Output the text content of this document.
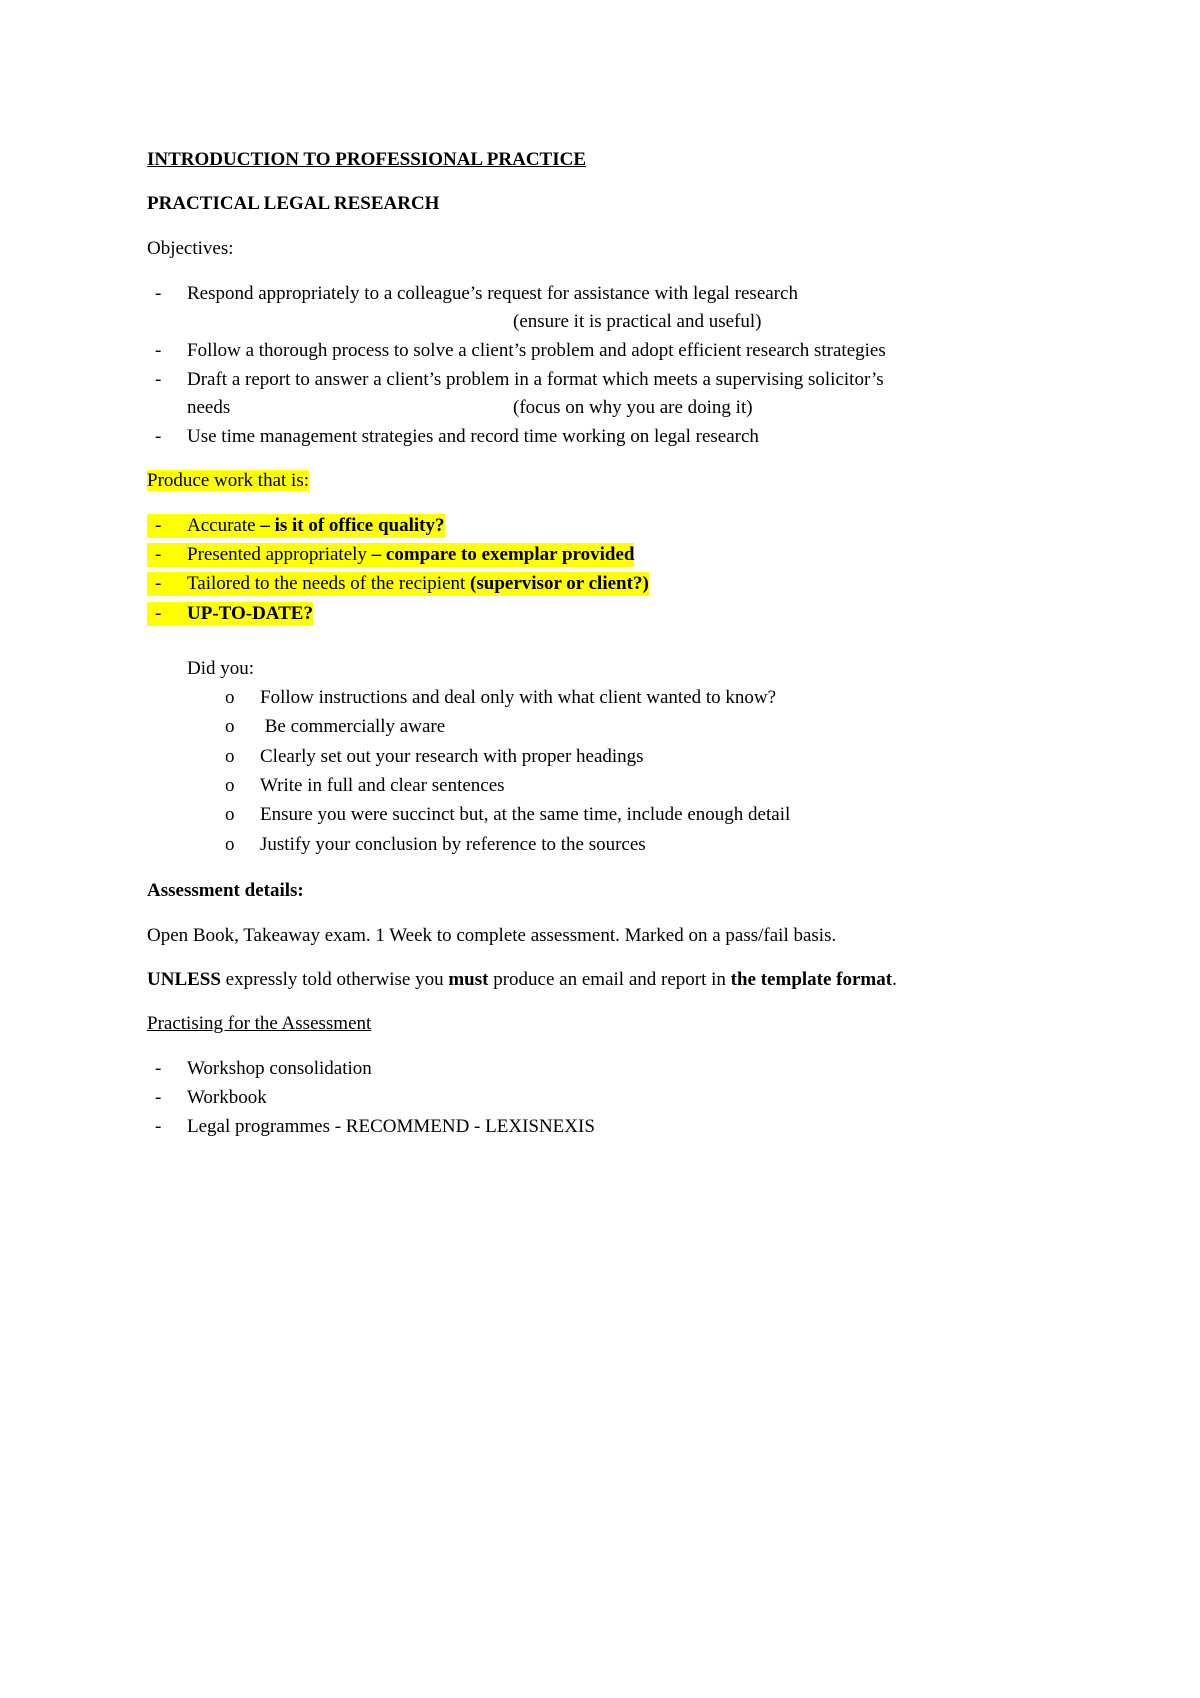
INTRODUCTION TO PROFESSIONAL PRACTICE
PRACTICAL LEGAL RESEARCH
Objectives:
-	Respond appropriately to a colleague’s request for assistance with legal research
(ensure it is practical and useful)
-	Follow a thorough process to solve a client’s problem and adopt efficient research strategies
-	Draft a report to answer a client’s problem in a format which meets a supervising solicitor’s
needs	(focus on why you are doing it)
-	Use time management strategies and record time working on legal research
Produce work that is:
-	Accurate – is it of office quality?
-	Presented appropriately – compare to exemplar provided
-	Tailored to the needs of the recipient (supervisor or client?)
-	UP-TO-DATE?
Did you:
o	Follow instructions and deal only with what client wanted to know?
o	Be commercially aware
o	Clearly set out your research with proper headings
o	Write in full and clear sentences
o	Ensure you were succinct but, at the same time, include enough detail
o	Justify your conclusion by reference to the sources
Assessment details:
Open Book, Takeaway exam. 1 Week to complete assessment. Marked on a pass/fail basis.
UNLESS expressly told otherwise you must produce an email and report in the template format.
Practising for the Assessment
-	Workshop consolidation
-	Workbook
-	Legal programmes - RECOMMEND - LEXISNEXIS
